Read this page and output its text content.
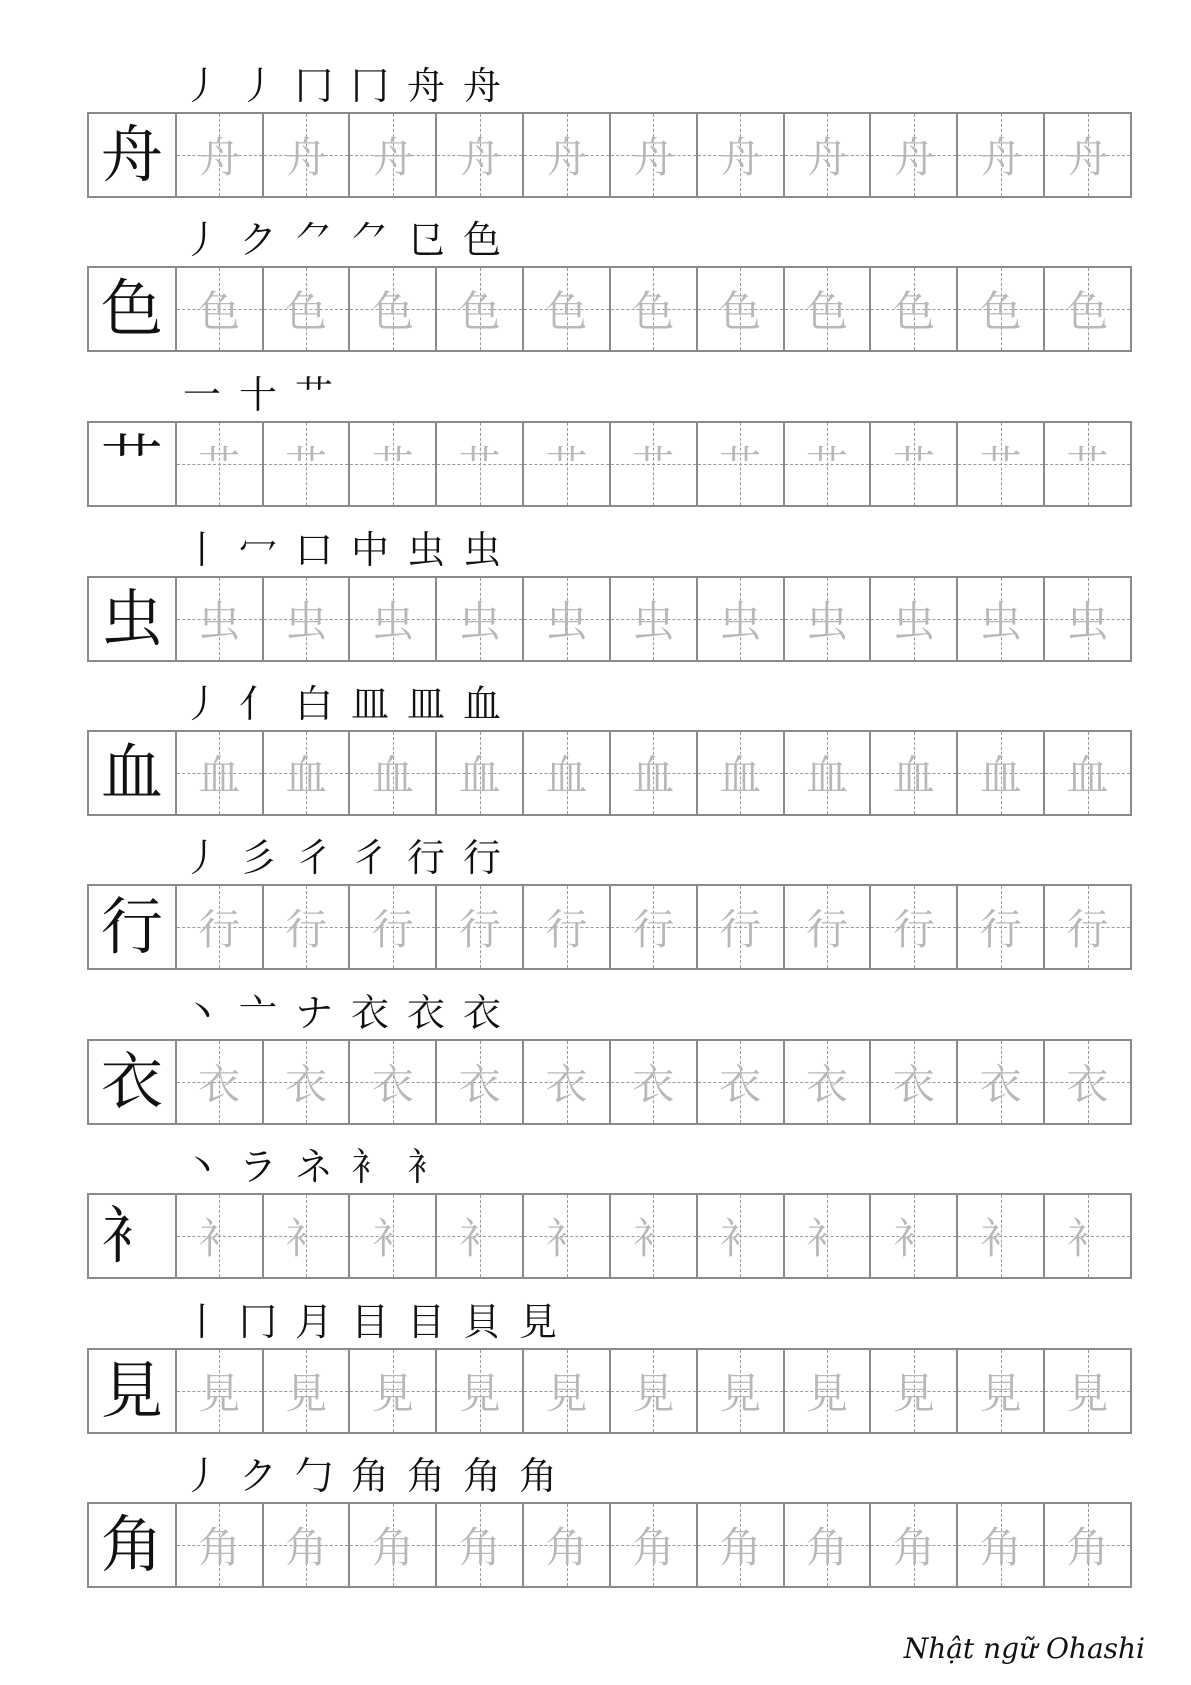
丿 丿 冂 冂 舟 舟
舟 舟 舟 舟 舟 舟 舟 舟 舟 舟 舟 舟
丿 ク ⺈ ⺈ 㔾 色
色 色 色 色 色 色 色 色 色 色 色 色
一 十 艹
艹 艹 艹 艹 艹 艹 艹 艹 艹 艹 艹 艹
丨 冖 口 中 虫 虫
虫 虫 虫 虫 虫 虫 虫 虫 虫 虫 虫 虫
丿 亻 白 皿 皿 血
血 血 血 血 血 血 血 血 血 血 血 血
丿 彡 彳 彳 行 行
行 行 行 行 行 行 行 行 行 行 行 行
丶 亠 ナ 衣 衣 衣
衣 衣 衣 衣 衣 衣 衣 衣 衣 衣 衣 衣
丶 ラ ネ 衤 衤
衤 衤 衤 衤 衤 衤 衤 衤 衤 衤 衤 衤
丨 冂 月 目 目 貝 見
見 見 見 見 見 見 見 見 見 見 見 見
丿 ク 勹 角 角 角 角
角 角 角 角 角 角 角 角 角 角 角 角
Nhật ngữ Ohashi
